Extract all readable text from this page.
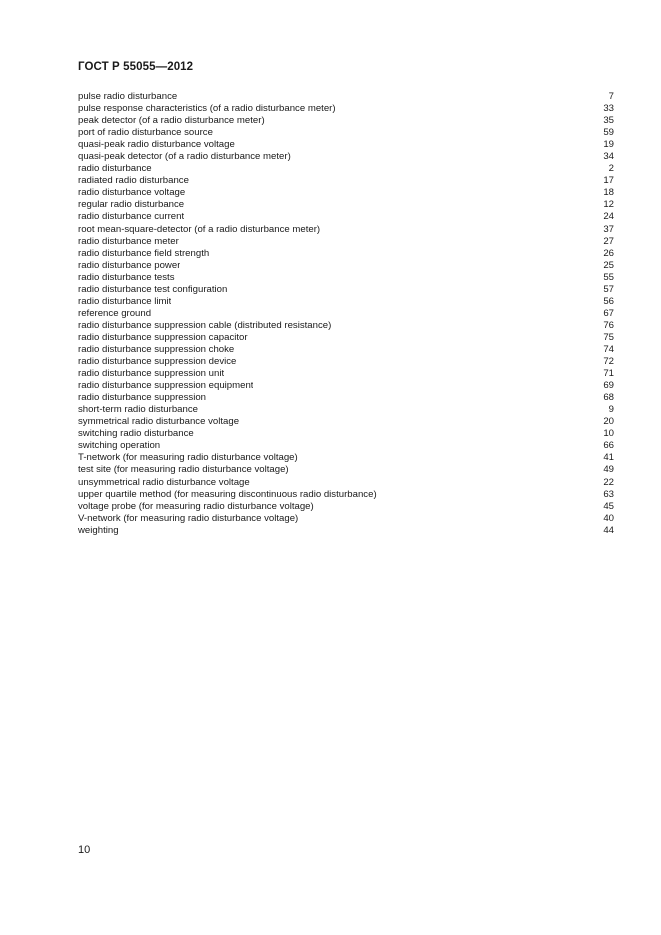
ГОСТ Р 55055—2012
pulse radio disturbance	7
pulse response characteristics (of a radio disturbance meter)	33
peak detector (of a radio disturbance meter)	35
port of radio disturbance source	59
quasi-peak radio disturbance voltage	19
quasi-peak detector (of a radio disturbance meter)	34
radio disturbance	2
radiated radio disturbance	17
radio disturbance voltage	18
regular radio disturbance	12
radio disturbance current	24
root mean-square-detector (of a radio disturbance meter)	37
radio disturbance meter	27
radio disturbance field strength	26
radio disturbance power	25
radio disturbance tests	55
radio disturbance test configuration	57
radio disturbance limit	56
reference ground	67
radio disturbance suppression cable (distributed resistance)	76
radio disturbance suppression capacitor	75
radio disturbance suppression choke	74
radio disturbance suppression device	72
radio disturbance suppression unit	71
radio disturbance suppression equipment	69
radio disturbance suppression	68
short-term radio disturbance	9
symmetrical radio disturbance voltage	20
switching radio disturbance	10
switching operation	66
T-network (for measuring radio disturbance voltage)	41
test site (for measuring radio disturbance voltage)	49
unsymmetrical radio disturbance voltage	22
upper quartile method (for measuring discontinuous radio disturbance)	63
voltage probe (for measuring radio disturbance voltage)	45
V-network (for measuring radio disturbance voltage)	40
weighting	44
10
